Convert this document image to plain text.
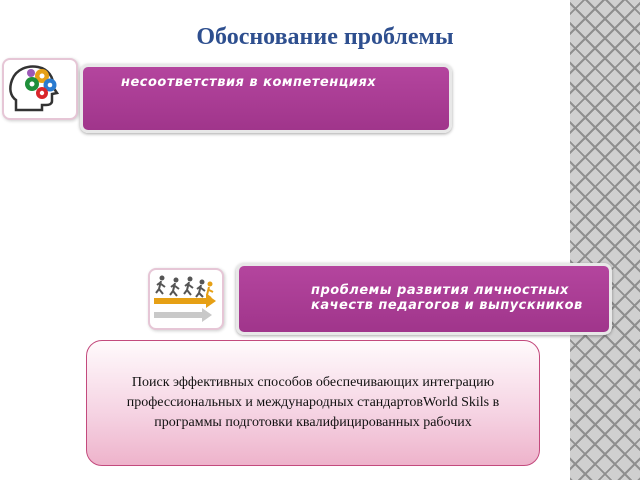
Обоснование проблемы
несоответствия в компетенциях
проблемы развития личностных качеств педагогов и выпускников
Поиск эффективных способов обеспечивающих интеграцию профессиональных и международных стандартовWorld Skils в программы подготовки квалифицированных рабочих
